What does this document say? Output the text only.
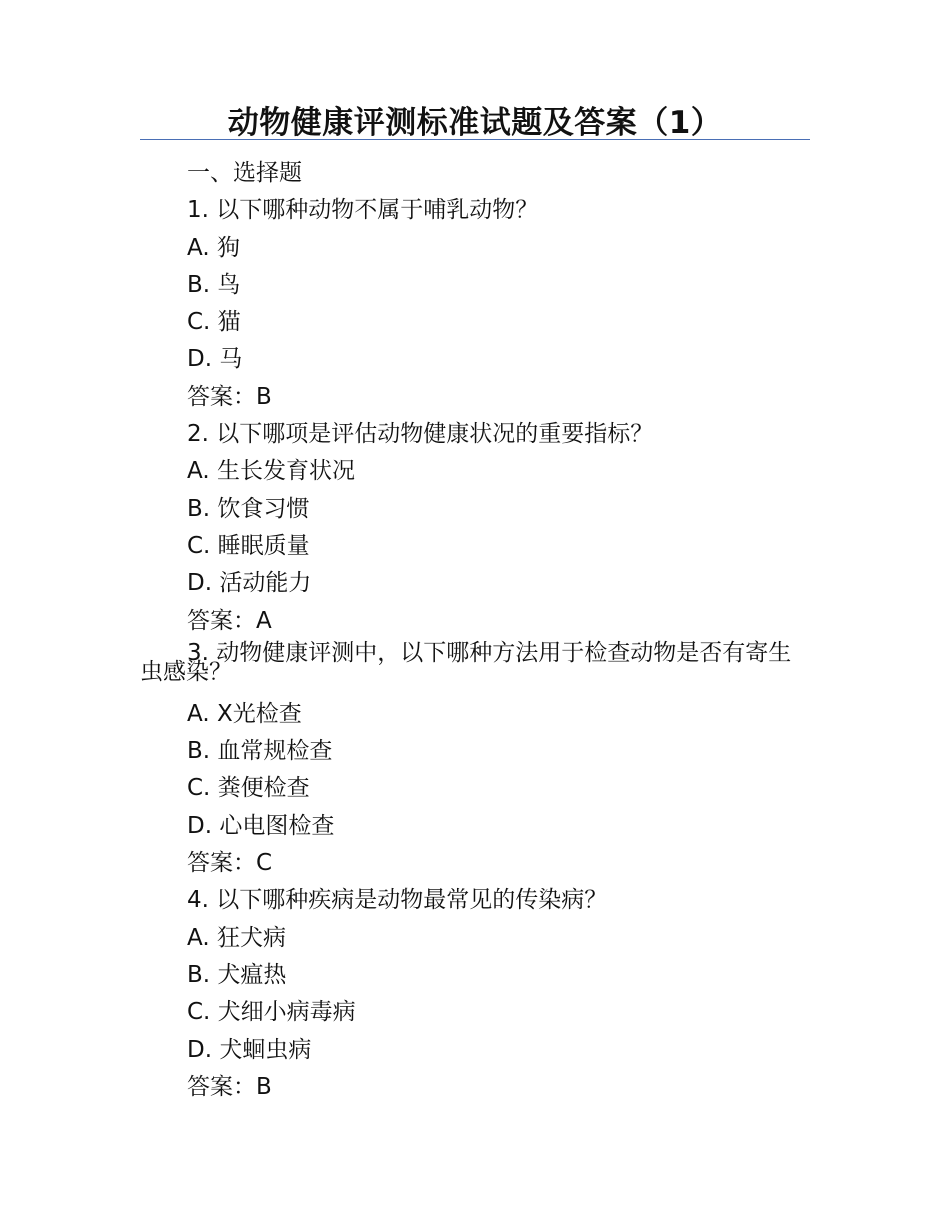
动物健康评测标准试题及答案（1）

一、选择题

1. 以下哪种动物不属于哺乳动物？

A. 狗

B. 鸟

C. 猫

D. 马

答案：B

2. 以下哪项是评估动物健康状况的重要指标？

A. 生长发育状况

B. 饮食习惯

C. 睡眠质量

D. 活动能力

答案：A

3. 动物健康评测中，以下哪种方法用于检查动物是否有寄生虫感染？

A. X光检查

B. 血常规检查

C. 粪便检查

D. 心电图检查

答案：C

4. 以下哪种疾病是动物最常见的传染病？

A. 狂犬病

B. 犬瘟热

C. 犬细小病毒病

D. 犬蛔虫病

答案：B
